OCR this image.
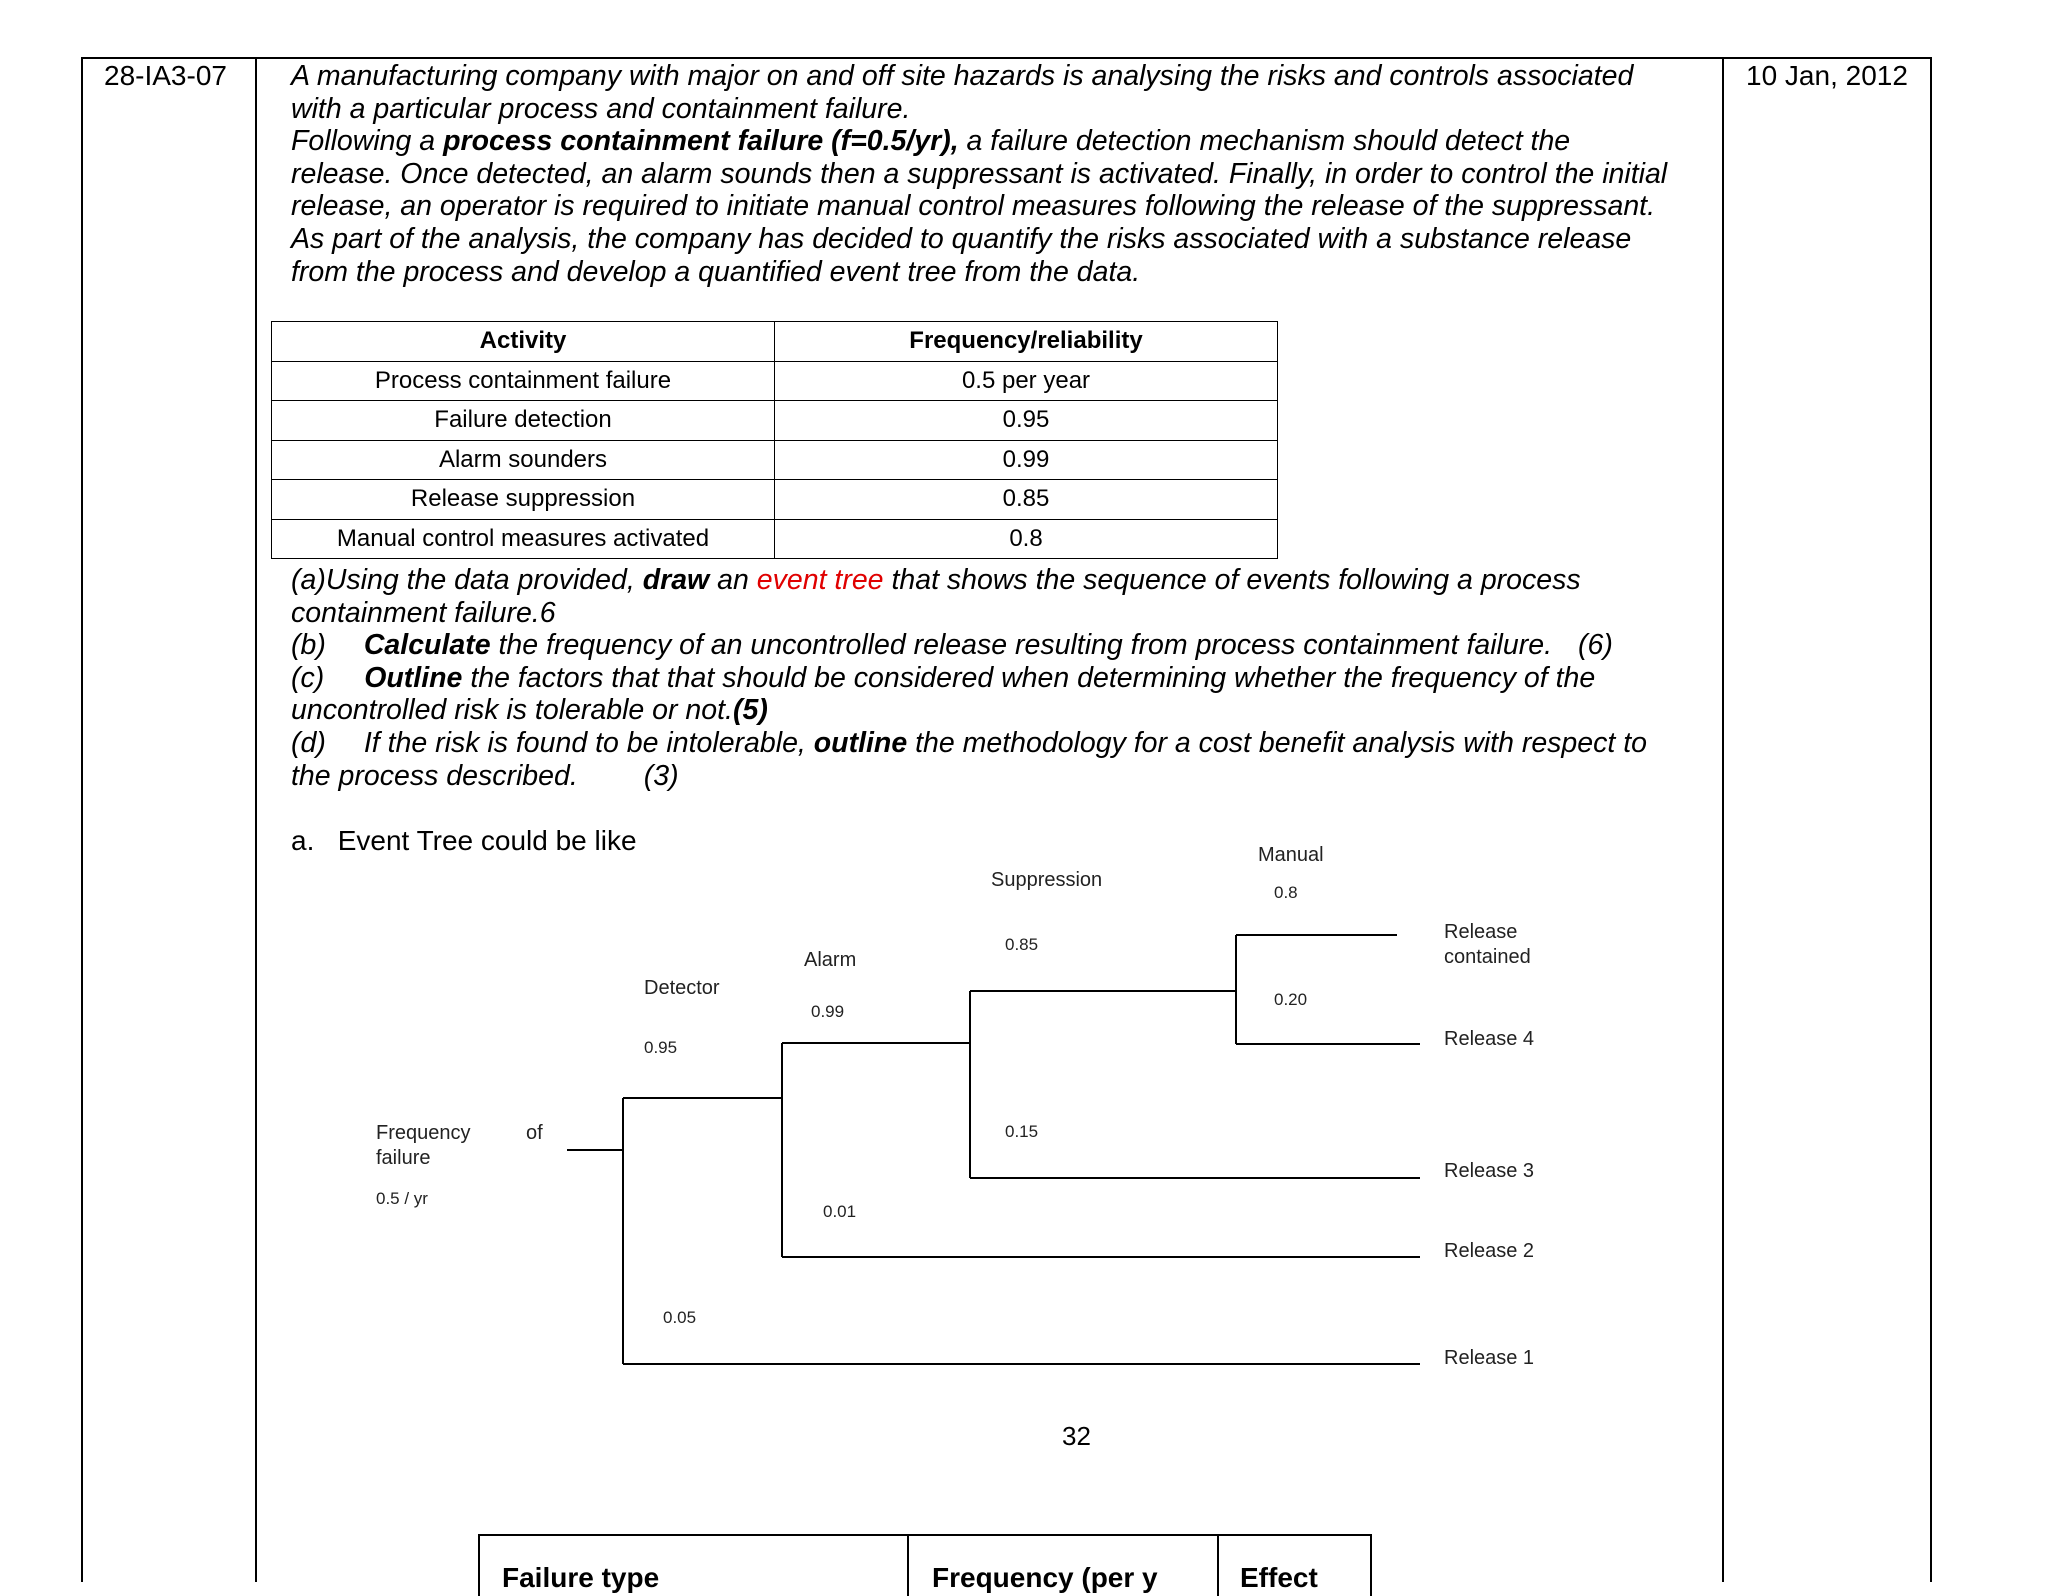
28-IA3-07	10 Jan, 2012
A manufacturing company with major on and off site hazards is analysing the risks and controls associated
with a particular process and containment failure.
Following a process containment failure (f=0.5/yr), a failure detection mechanism should detect the
release. Once detected, an alarm sounds then a suppressant is activated. Finally, in order to control the initial
release, an operator is required to initiate manual control measures following the release of the suppressant.
As part of the analysis, the company has decided to quantify the risks associated with a substance release
from the process and develop a quantified event tree from the data.
Activity	Frequency/reliability
Process containment failure	0.5 per year
Failure detection	0.95
Alarm sounders	0.99
Release suppression	0.85
Manual control measures activated	0.8
(a)Using the data provided, draw an event tree that shows the sequence of events following a process
containment failure.6
(b) Calculate the frequency of an uncontrolled release resulting from process containment failure. (6)
(c) Outline the factors that that should be considered when determining whether the frequency of the
uncontrolled risk is tolerable or not.(5)
(d) If the risk is found to be intolerable, outline the methodology for a cost benefit analysis with respect to
the process described. (3)
a.   Event Tree could be like
Frequency	of
failure
0.5 / yr
Detector
0.95
0.05
Alarm
0.99
0.01
Suppression
0.85
0.15
Manual
0.8
0.20
Release
contained
Release 4
Release 3
Release 2
Release 1
32
Failure type	Frequency (per y	Effect
